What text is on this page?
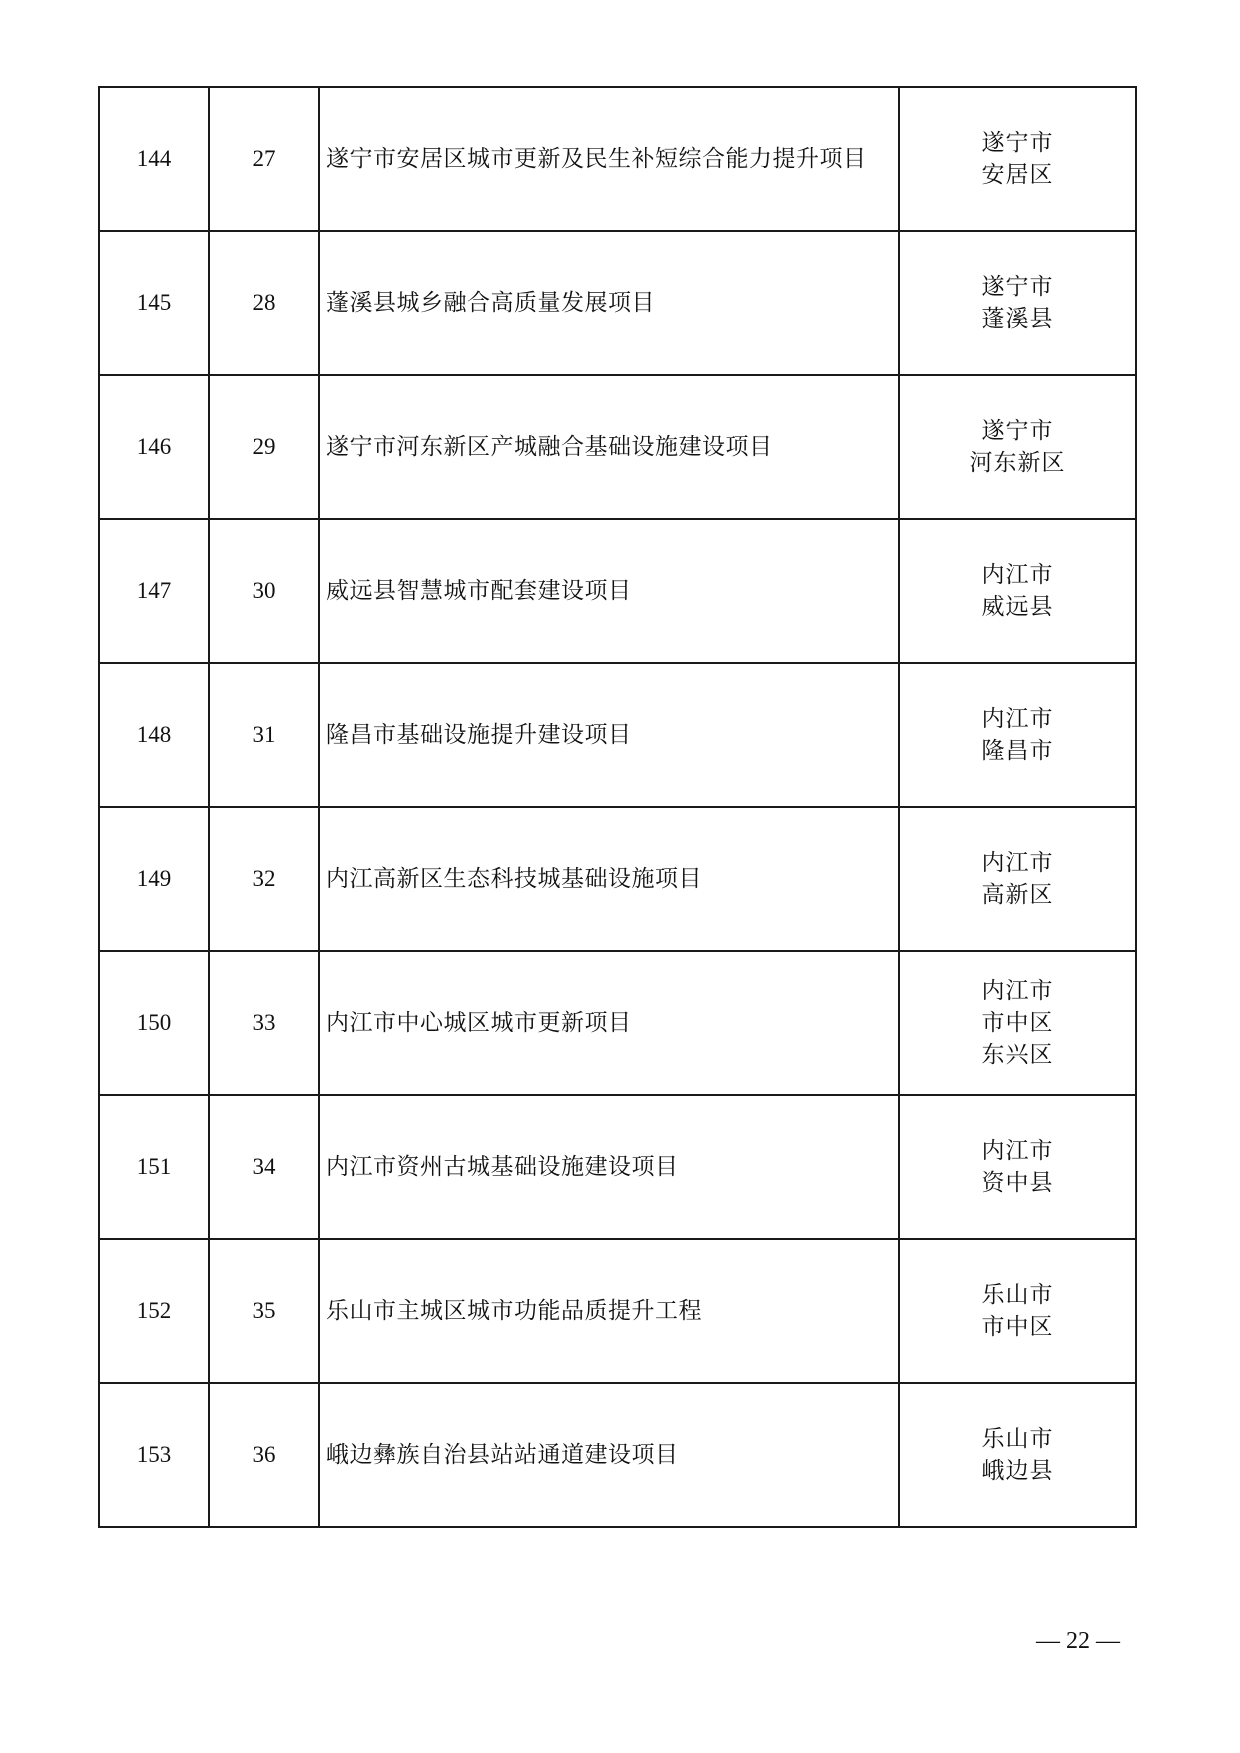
144	27	遂宁市安居区城市更新及民生补短综合能力提升项目	遂宁市
安居区

145	28	蓬溪县城乡融合高质量发展项目	遂宁市
蓬溪县

146	29	遂宁市河东新区产城融合基础设施建设项目	遂宁市
河东新区

147	30	威远县智慧城市配套建设项目	内江市
威远县

148	31	隆昌市基础设施提升建设项目	内江市
隆昌市

149	32	内江高新区生态科技城基础设施项目	内江市
高新区

150	33	内江市中心城区城市更新项目	内江市
市中区
东兴区

151	34	内江市资州古城基础设施建设项目	内江市
资中县

152	35	乐山市主城区城市功能品质提升工程	乐山市
市中区

153	36	峨边彝族自治县站站通道建设项目	乐山市
峨边县
— 22 —
